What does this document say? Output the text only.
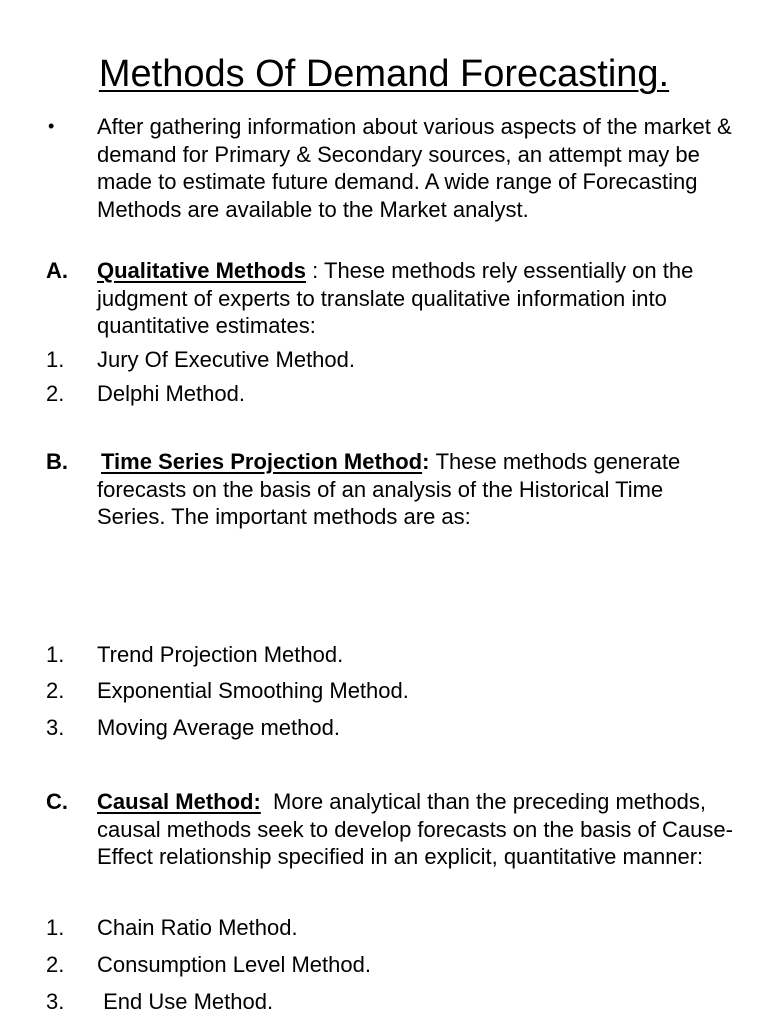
Methods Of Demand Forecasting.
• After gathering information about various aspects of the market & demand for Primary & Secondary sources, an attempt may be made to estimate future demand. A wide range of Forecasting Methods are available to the Market analyst.
A. Qualitative Methods : These methods rely essentially on the judgment of experts to translate qualitative information into quantitative estimates:
1. Jury Of Executive Method.
2. Delphi Method.
B. Time Series Projection Method: These methods generate forecasts on the basis of an analysis of the Historical Time Series. The important methods are as:
1. Trend Projection Method.
2. Exponential Smoothing Method.
3. Moving Average method.
C. Causal Method: More analytical than the preceding methods, causal methods seek to develop forecasts on the basis of Cause-Effect relationship specified in an explicit, quantitative manner:
1. Chain Ratio Method.
2. Consumption Level Method.
3. End Use Method.
